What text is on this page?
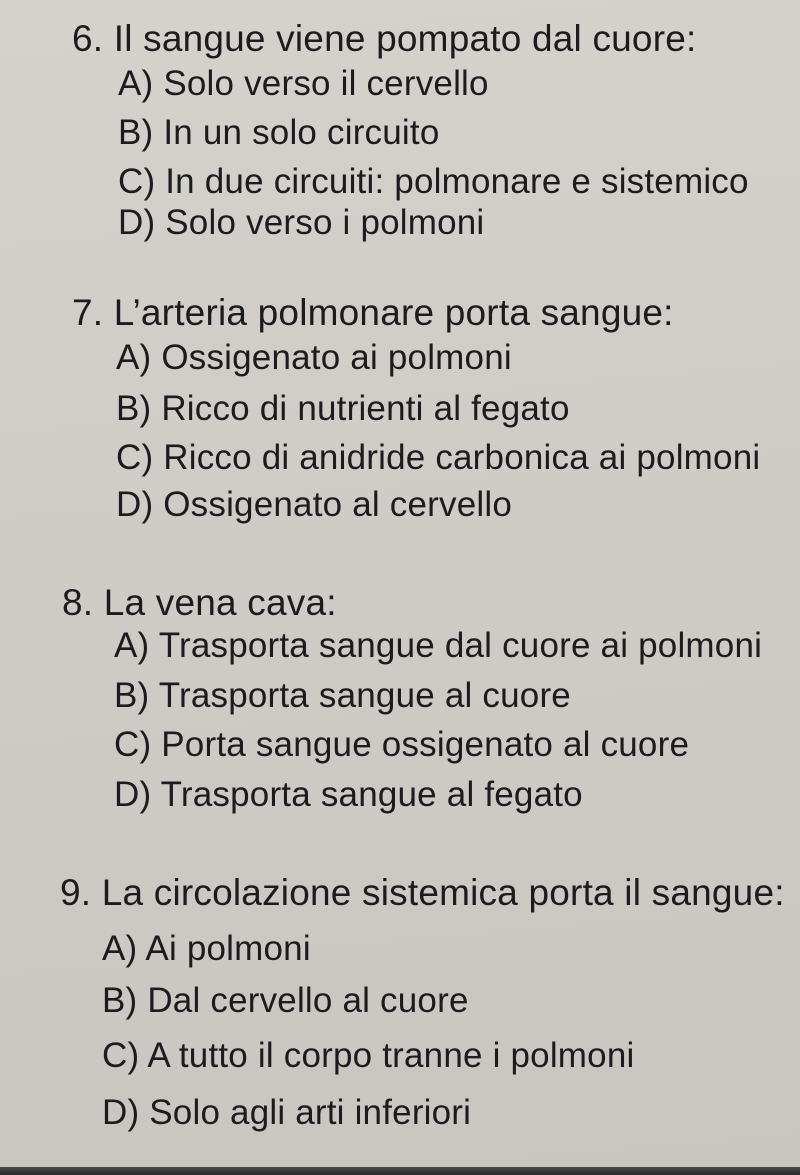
6. Il sangue viene pompato dal cuore:
A) Solo verso il cervello
B) In un solo circuito
C) In due circuiti: polmonare e sistemico
D) Solo verso i polmoni
7. L’arteria polmonare porta sangue:
A) Ossigenato ai polmoni
B) Ricco di nutrienti al fegato
C) Ricco di anidride carbonica ai polmoni
D) Ossigenato al cervello
8. La vena cava:
A) Trasporta sangue dal cuore ai polmoni
B) Trasporta sangue al cuore
C) Porta sangue ossigenato al cuore
D) Trasporta sangue al fegato
9. La circolazione sistemica porta il sangue:
A) Ai polmoni
B) Dal cervello al cuore
C) A tutto il corpo tranne i polmoni
D) Solo agli arti inferiori
